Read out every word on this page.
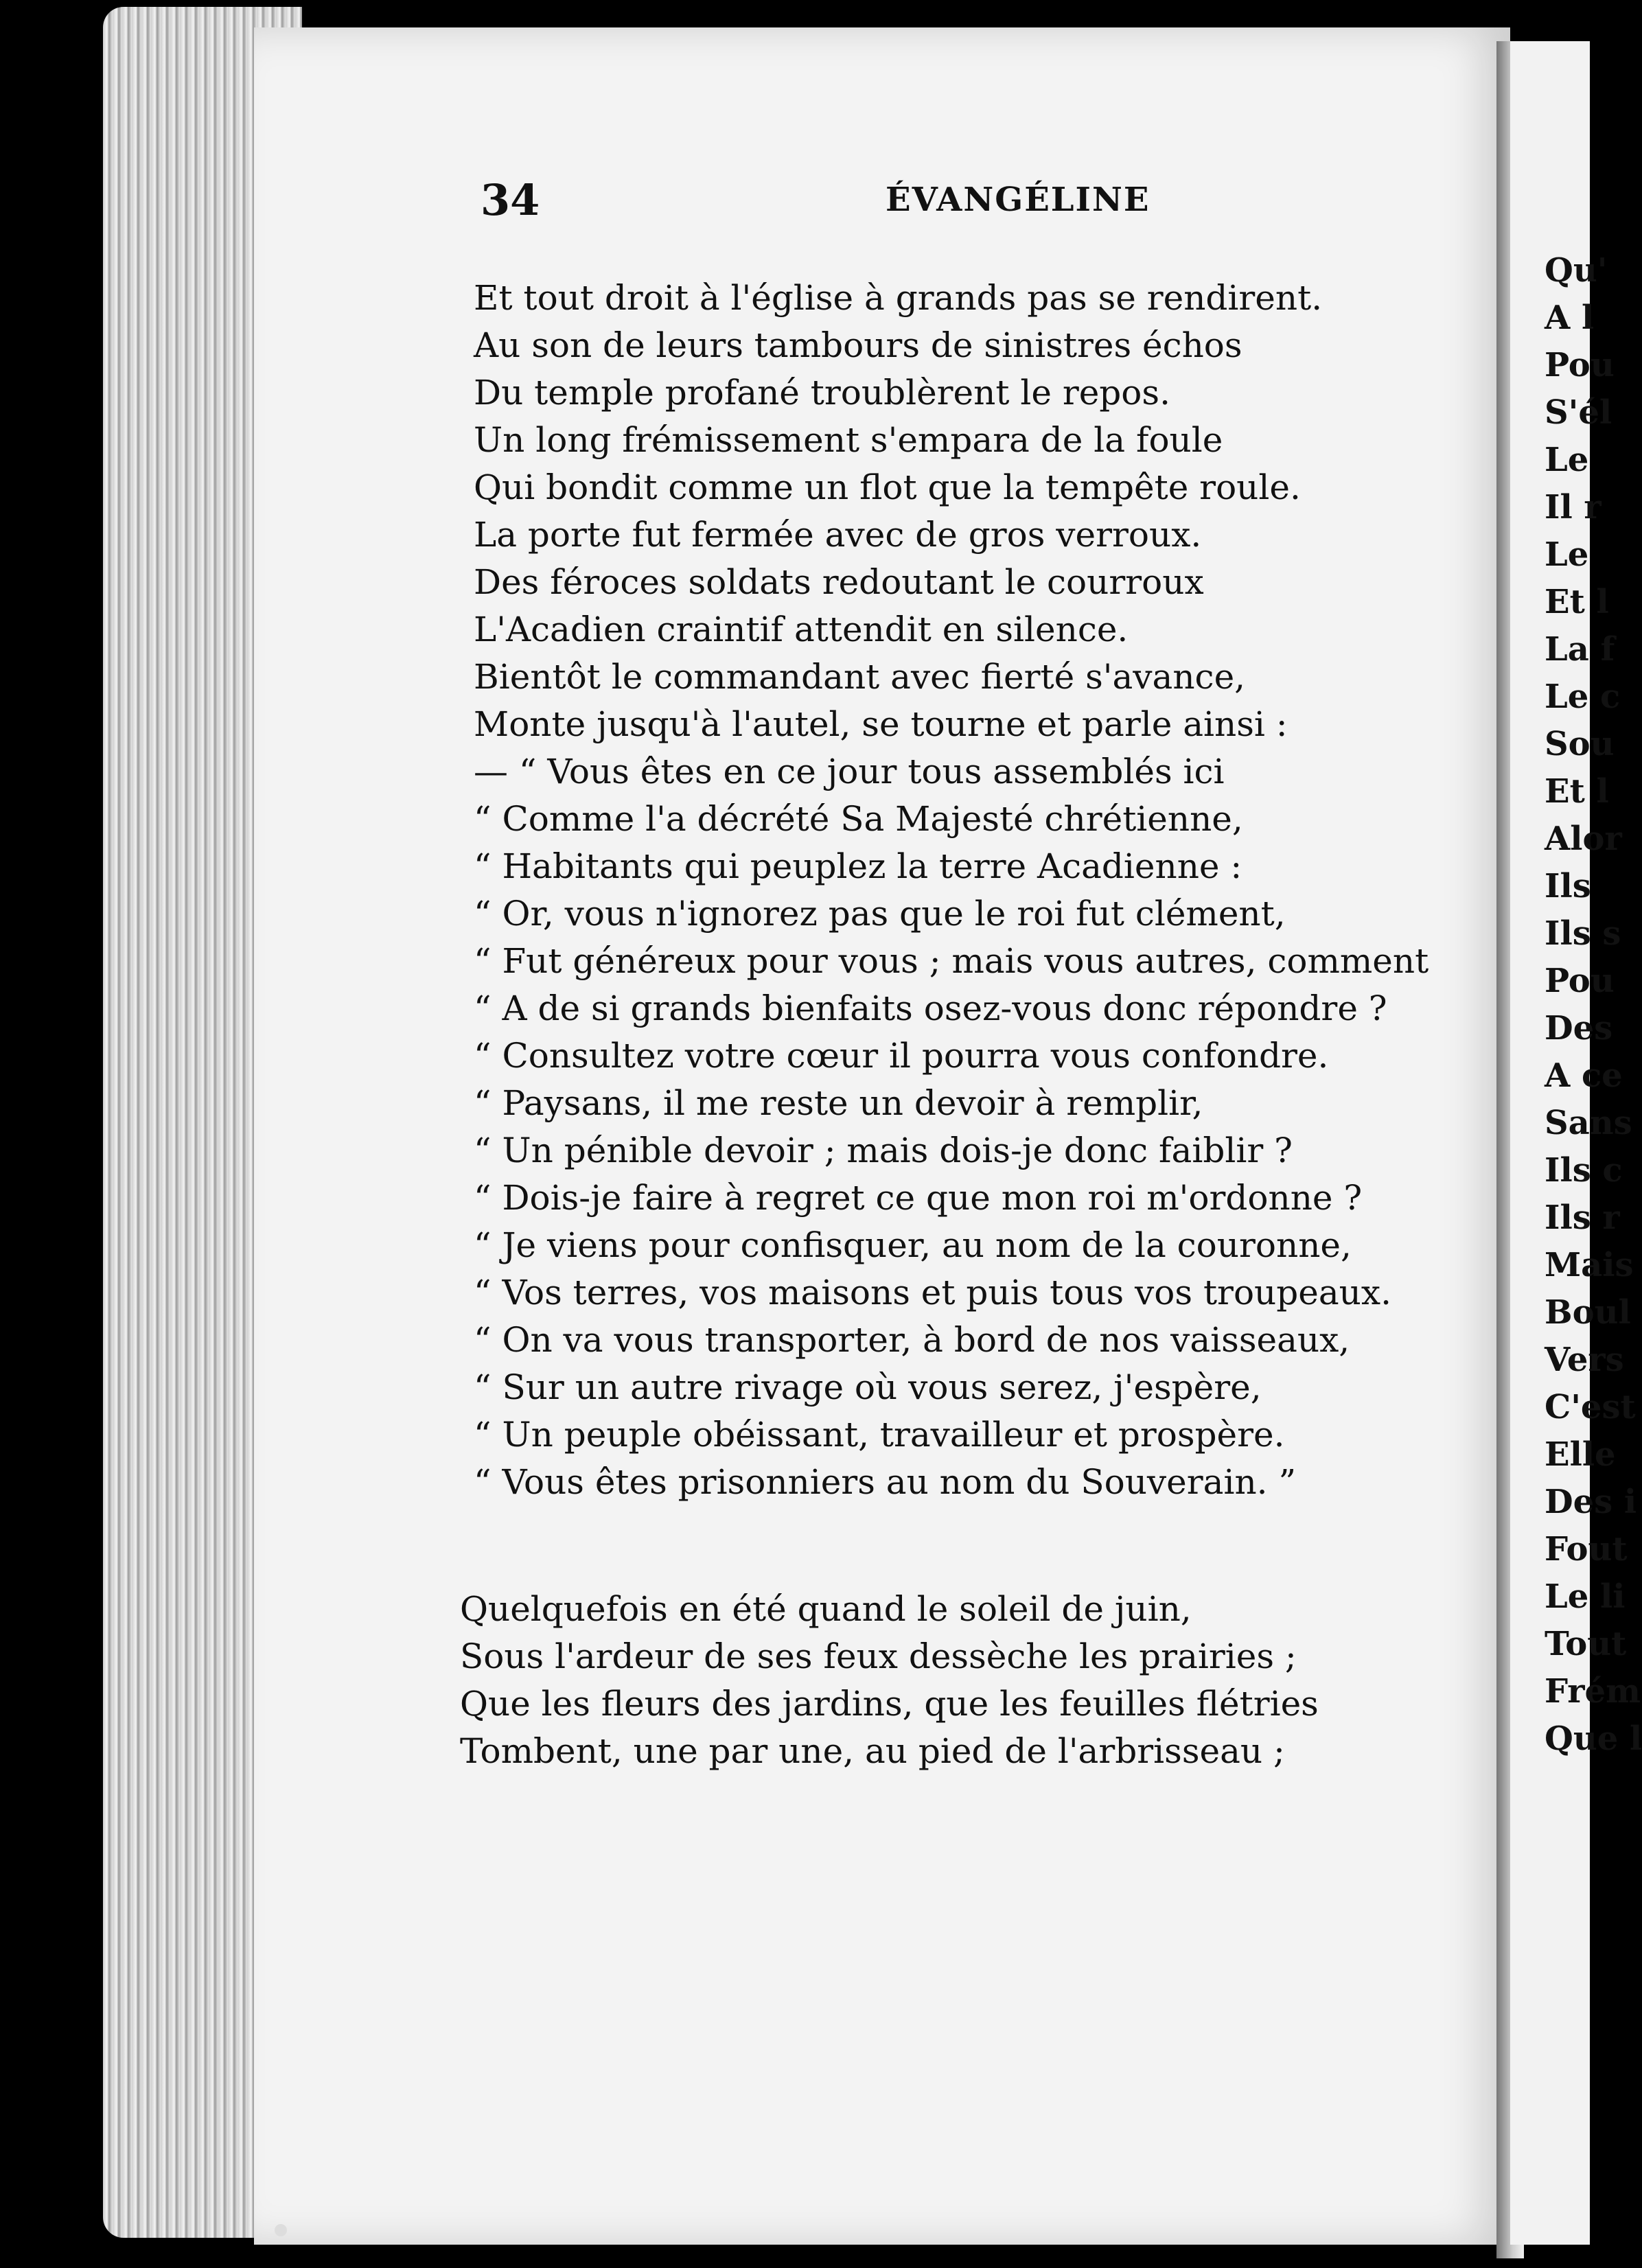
34	ÉVANGÉLINE
Et tout droit à l'église à grands pas se rendirent.
Au son de leurs tambours de sinistres échos
Du temple profané troublèrent le repos.
Un long frémissement s'empara de la foule
Qui bondit comme un flot que la tempête roule.
La porte fut fermée avec de gros verroux.
Des féroces soldats redoutant le courroux
L'Acadien craintif attendit en silence.
Bientôt le commandant avec fierté s'avance,
Monte jusqu'à l'autel, se tourne et parle ainsi :
— “ Vous êtes en ce jour tous assemblés ici
“ Comme l'a décrété Sa Majesté chrétienne,
“ Habitants qui peuplez la terre Acadienne :
“ Or, vous n'ignorez pas que le roi fut clément,
“ Fut généreux pour vous ; mais vous autres, comment
“ A de si grands bienfaits osez-vous donc répondre ?
“ Consultez votre cœur il pourra vous confondre.
“ Paysans, il me reste un devoir à remplir,
“ Un pénible devoir ; mais dois-je donc faiblir ?
“ Dois-je faire à regret ce que mon roi m'ordonne ?
“ Je viens pour confisquer, au nom de la couronne,
“ Vos terres, vos maisons et puis tous vos troupeaux.
“ On va vous transporter, à bord de nos vaisseaux,
“ Sur un autre rivage où vous serez, j'espère,
“ Un peuple obéissant, travailleur et prospère.
“ Vous êtes prisonniers au nom du Souverain. ”
Quelquefois en été quand le soleil de juin,
Sous l'ardeur de ses feux dessèche les prairies ;
Que les fleurs des jardins, que les feuilles flétries
Tombent, une par une, au pied de l'arbrisseau ;
Qu'
A l
Pou
S'él
Le
Il r
Le
Et l
La f
Le c
Sou
Et l
Alor
Ils
Ils s
Pou
Des
A ce
Sans
Ils c
Ils r
Mais
Boul
Vers
C'est
Elle
Des i
Fout
Le li
Tout
Frém
Que l
